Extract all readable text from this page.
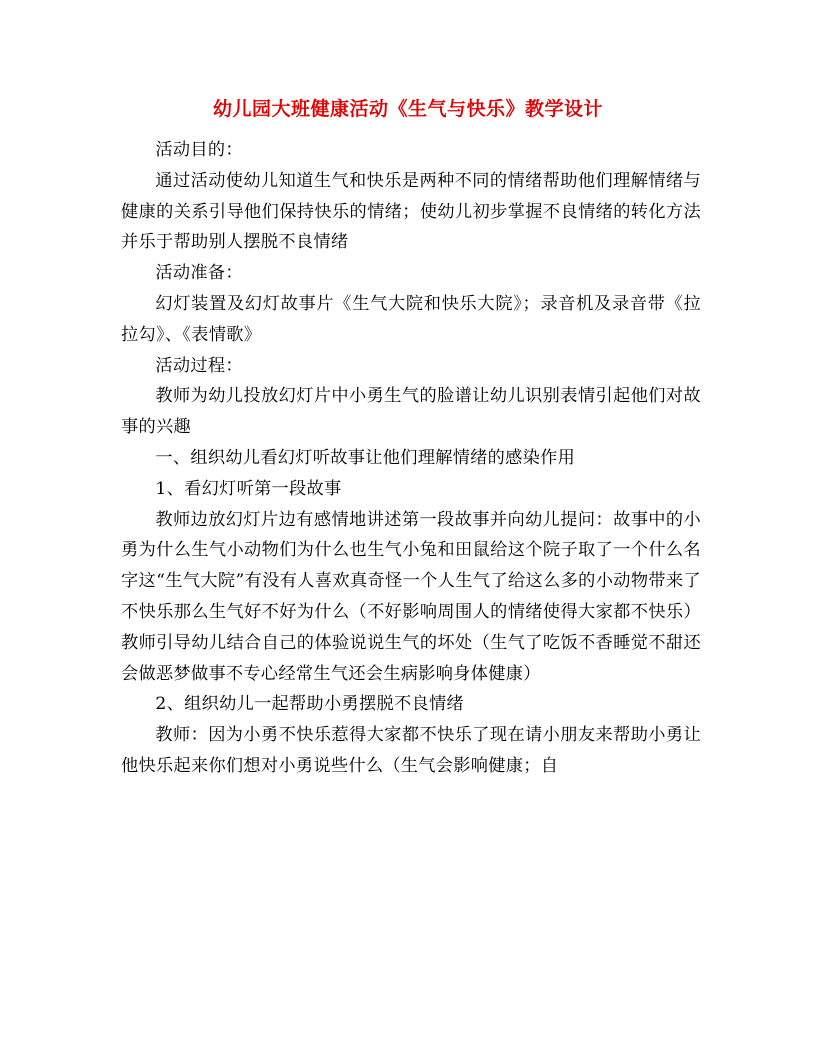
幼儿园大班健康活动《生气与快乐》教学设计

活动目的：

通过活动使幼儿知道生气和快乐是两种不同的情绪帮助他们理解情绪与健康的关系引导他们保持快乐的情绪；使幼儿初步掌握不良情绪的转化方法并乐于帮助别人摆脱不良情绪

活动准备：

幻灯装置及幻灯故事片《生气大院和快乐大院》；录音机及录音带《拉拉勾》、《表情歌》

活动过程：

教师为幼儿投放幻灯片中小勇生气的脸谱让幼儿识别表情引起他们对故事的兴趣

一、组织幼儿看幻灯听故事让他们理解情绪的感染作用

1、看幻灯听第一段故事

教师边放幻灯片边有感情地讲述第一段故事并向幼儿提问：故事中的小勇为什么生气小动物们为什么也生气小兔和田鼠给这个院子取了一个什么名字这“生气大院”有没有人喜欢真奇怪一个人生气了给这么多的小动物带来了不快乐那么生气好不好为什么（不好影响周围人的情绪使得大家都不快乐）教师引导幼儿结合自己的体验说说生气的坏处（生气了吃饭不香睡觉不甜还会做恶梦做事不专心经常生气还会生病影响身体健康）

2、组织幼儿一起帮助小勇摆脱不良情绪

教师：因为小勇不快乐惹得大家都不快乐了现在请小朋友来帮助小勇让他快乐起来你们想对小勇说些什么（生气会影响健康；自
